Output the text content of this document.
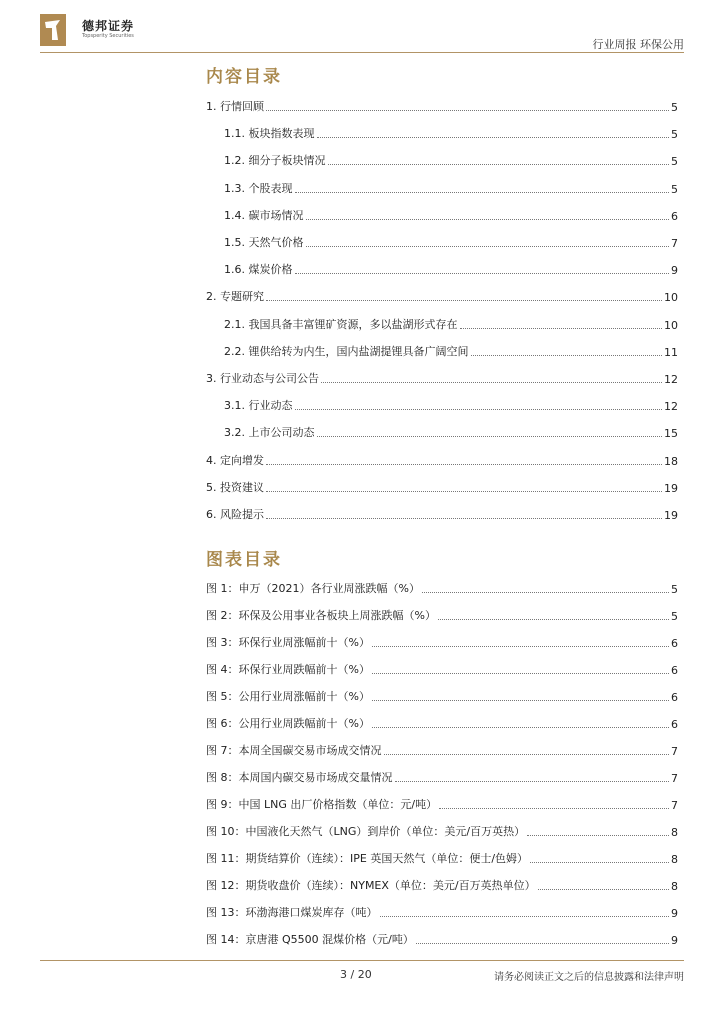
德邦证券
Topsperity Securities
行业周报 环保公用
内容目录
1. 行情回顾	5
1.1. 板块指数表现	5
1.2. 细分子板块情况	5
1.3. 个股表现	5
1.4. 碳市场情况	6
1.5. 天然气价格	7
1.6. 煤炭价格	9
2. 专题研究	10
2.1. 我国具备丰富锂矿资源，多以盐湖形式存在	10
2.2. 锂供给转为内生，国内盐湖提锂具备广阔空间	11
3. 行业动态与公司公告	12
3.1. 行业动态	12
3.2. 上市公司动态	15
4. 定向增发	18
5. 投资建议	19
6. 风险提示	19
图表目录
图 1：申万（2021）各行业周涨跌幅（%）	5
图 2：环保及公用事业各板块上周涨跌幅（%）	5
图 3：环保行业周涨幅前十（%）	6
图 4：环保行业周跌幅前十（%）	6
图 5：公用行业周涨幅前十（%）	6
图 6：公用行业周跌幅前十（%）	6
图 7：本周全国碳交易市场成交情况	7
图 8：本周国内碳交易市场成交量情况	7
图 9：中国 LNG 出厂价格指数（单位：元/吨）	7
图 10：中国液化天然气（LNG）到岸价（单位：美元/百万英热）	8
图 11：期货结算价（连续）：IPE 英国天然气（单位：便士/色姆）	8
图 12：期货收盘价（连续）：NYMEX（单位：美元/百万英热单位）	8
图 13：环渤海港口煤炭库存（吨）	9
图 14：京唐港 Q5500 混煤价格（元/吨）	9
3 / 20	请务必阅读正文之后的信息披露和法律声明
